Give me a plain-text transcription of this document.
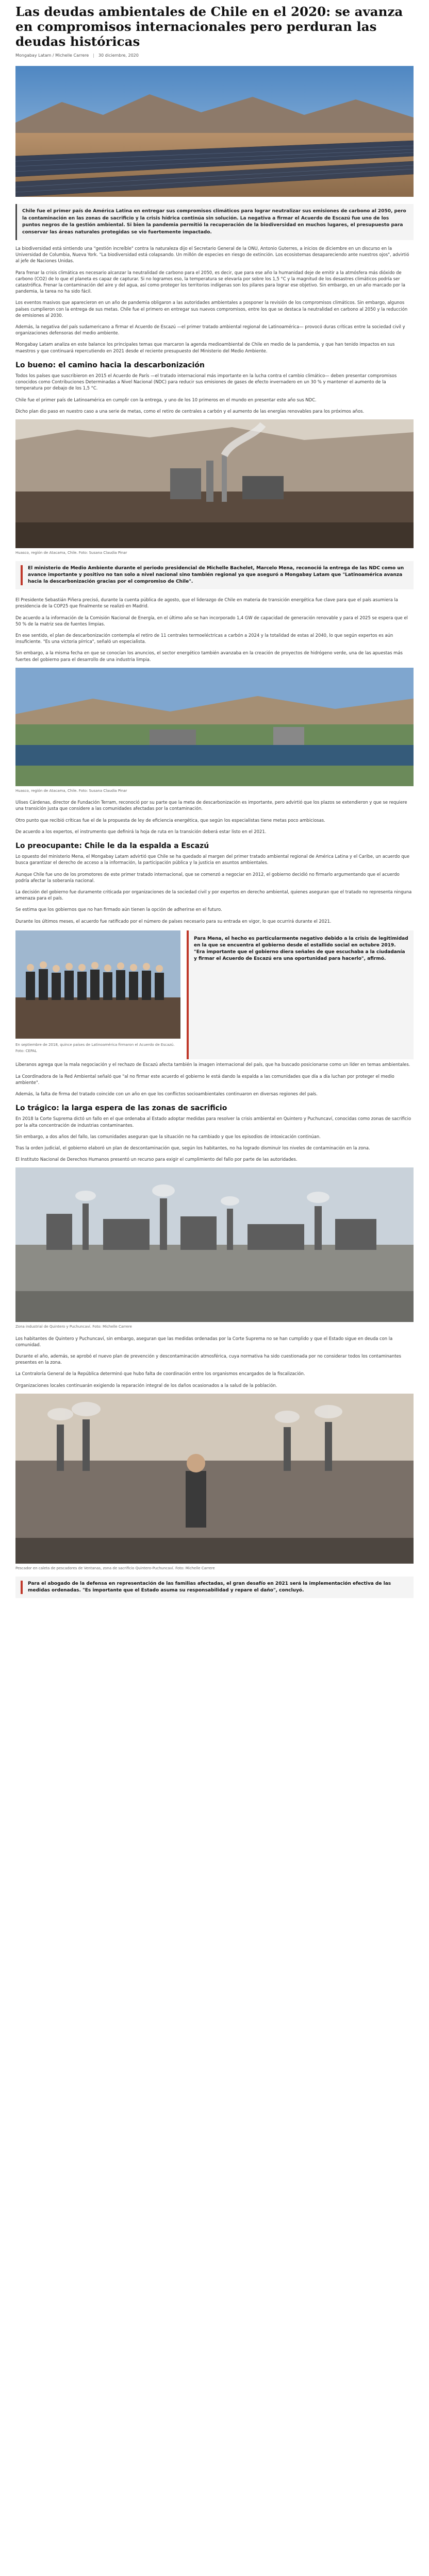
Las deudas ambientales de Chile en el 2020: se avanza en compromisos internacionales pero perduran las deudas históricas
Mongabay Latam / Michelle Carrere | 30 diciembre, 2020
Chile fue el primer país de América Latina en entregar sus compromisos climáticos para lograr neutralizar sus emisiones de carbono al 2050, pero la contaminación en las zonas de sacrificio y la crisis hídrica continúa sin solución. La negativa a firmar el Acuerdo de Escazú fue uno de los puntos negros de la gestión ambiental. Si bien la pandemia permitió la recuperación de la biodiversidad en muchos lugares, el presupuesto para conservar las áreas naturales protegidas se vio fuertemente impactado.

La biodiversidad está sintiendo una "gestión increíble" contra la naturaleza dijo el Secretario General de la ONU, Antonio Guterres, a inicios de diciembre en un discurso en la Universidad de Columbia, Nueva York. "La biodiversidad está colapsando. Un millón de especies en riesgo de extinción. Los ecosistemas desapareciendo ante nuestros ojos", advirtió al jefe de Naciones Unidas.

Para frenar la crisis climática es necesario alcanzar la neutralidad de carbono para el 2050, es decir, que para ese año la humanidad deje de emitir a la atmósfera más dióxido de carbono (CO2) de lo que el planeta es capaz de capturar. Si no logramos eso, la temperatura se elevaría por sobre los 1,5 °C y la magnitud de los desastres climáticos podría ser catastrófica. Frenar la contaminación del aire y del agua, así como proteger los territorios indígenas son los pilares para lograr ese objetivo. Sin embargo, en un año marcado por la pandemia, la tarea no ha sido fácil.

Los eventos masivos que aparecieron en un año de pandemia obligaron a las autoridades ambientales a posponer la revisión de los compromisos climáticos. Sin embargo, algunos países cumplieron con la entrega de sus metas. Chile fue el primero en entregar sus nuevos compromisos, entre los que se destaca la neutralidad en carbono al 2050 y la reducción de emisiones al 2030.

Además, la negativa del país sudamericano a firmar el Acuerdo de Escazú —el primer tratado ambiental regional de Latinoamérica— provocó duras críticas entre la sociedad civil y organizaciones defensoras del medio ambiente.

Mongabay Latam analiza en este balance los principales temas que marcaron la agenda medioambiental de Chile en medio de la pandemia, y que han tenido impactos en sus maestros y que continuará repercutiendo en 2021 desde el reciente presupuesto del Ministerio del Medio Ambiente.

Lo bueno: el camino hacia la descarbonización

Todos los países que suscribieron en 2015 el Acuerdo de París —el tratado internacional más importante en la lucha contra el cambio climático— deben presentar compromisos conocidos como Contribuciones Determinadas a Nivel Nacional (NDC) para reducir sus emisiones de gases de efecto invernadero en un 30 % y mantener el aumento de la temperatura por debajo de los 1,5 °C.

Chile fue el primer país de Latinoamérica en cumplir con la entrega, y uno de los 10 primeros en el mundo en presentar este año sus NDC.

Dicho plan dio paso en nuestro caso a una serie de metas, como el retiro de centrales a carbón y el aumento de las energías renovables para los próximos años.

Huasco, región de Atacama, Chile. Foto: Susana Claudia Pinar
El ministerio de Medio Ambiente durante el periodo presidencial de Michelle Bachelet, Marcelo Mena, reconoció la entrega de las NDC como un avance importante y positivo no tan solo a nivel nacional sino también regional ya que aseguró a Mongabay Latam que "Latinoamérica avanza hacia la descarbonización gracias por el compromiso de Chile".

El Presidente Sebastián Piñera precisó, durante la cuenta pública de agosto, que el liderazgo de Chile en materia de transición energética fue clave para que el país asumiera la presidencia de la COP25 que finalmente se realizó en Madrid.

De acuerdo a la información de la Comisión Nacional de Energía, en el último año se han incorporado 1,4 GW de capacidad de generación renovable y para el 2025 se espera que el 50 % de la matriz sea de fuentes limpias.

En ese sentido, el plan de descarbonización contempla el retiro de 11 centrales termoeléctricas a carbón a 2024 y la totalidad de estas al 2040, lo que según expertos es aún insuficiente. "Es una victoria pírrica", señaló un especialista.

Sin embargo, a la misma fecha en que se conocían los anuncios, el sector energético también avanzaba en la creación de proyectos de hidrógeno verde, una de las apuestas más fuertes del gobierno para el desarrollo de una industria limpia.

Huasco, región de Atacama, Chile. Foto: Susana Claudia Pinar

Ulises Cárdenas, director de Fundación Terram, reconoció por su parte que la meta de descarbonización es importante, pero advirtió que los plazos se extendieron y que se requiere una transición justa que considere a las comunidades afectadas por la contaminación.

Otro punto que recibió críticas fue el de la propuesta de ley de eficiencia energética, que según los especialistas tiene metas poco ambiciosas.

De acuerdo a los expertos, el instrumento que definirá la hoja de ruta en la transición deberá estar listo en el 2021.

Lo preocupante: Chile le da la espalda a Escazú

Lo opuesto del ministerio Mena, el Mongabay Latam advirtió que Chile se ha quedado al margen del primer tratado ambiental regional de América Latina y el Caribe, un acuerdo que busca garantizar el derecho de acceso a la información, la participación pública y la justicia en asuntos ambientales.

Aunque Chile fue uno de los promotores de este primer tratado internacional, que se comenzó a negociar en 2012, el gobierno decidió no firmarlo argumentando que el acuerdo podría afectar la soberanía nacional.

La decisión del gobierno fue duramente criticada por organizaciones de la sociedad civil y por expertos en derecho ambiental, quienes aseguran que el tratado no representa ninguna amenaza para el país.

Se estima que los gobiernos que no han firmado aún tienen la opción de adherirse en el futuro.

Durante los últimos meses, el acuerdo fue ratificado por el número de países necesario para su entrada en vigor, lo que ocurrirá durante el 2021.

En septiembre de 2018, quince países de Latinoamérica firmaron el Acuerdo de Escazú. Foto: CEPAL
Para Mena, el hecho es particularmente negativo debido a la crisis de legitimidad en la que se encuentra el gobierno desde el estallido social en octubre 2019. "Era importante que el gobierno diera señales de que escuchaba a la ciudadanía y firmar el Acuerdo de Escazú era una oportunidad para hacerlo", afirmó.

Liberanos agrega que la mala negociación y el rechazo de Escazú afecta también la imagen internacional del país, que ha buscado posicionarse como un líder en temas ambientales.

La Coordinadora de la Red Ambiental señaló que "al no firmar este acuerdo el gobierno le está dando la espalda a las comunidades que día a día luchan por proteger el medio ambiente".

Además, la falta de firma del tratado coincide con un año en que los conflictos socioambientales continuaron en diversas regiones del país.

Lo trágico: la larga espera de las zonas de sacrificio

En 2018 la Corte Suprema dictó un fallo en el que ordenaba al Estado adoptar medidas para resolver la crisis ambiental en Quintero y Puchuncaví, conocidas como zonas de sacrificio por la alta concentración de industrias contaminantes.

Sin embargo, a dos años del fallo, las comunidades aseguran que la situación no ha cambiado y que los episodios de intoxicación continúan.

Tras la orden judicial, el gobierno elaboró un plan de descontaminación que, según los habitantes, no ha logrado disminuir los niveles de contaminación en la zona.

El Instituto Nacional de Derechos Humanos presentó un recurso para exigir el cumplimiento del fallo por parte de las autoridades.

Zona industrial de Quintero y Puchuncaví. Foto: Michelle Carrere

Los habitantes de Quintero y Puchuncaví, sin embargo, aseguran que las medidas ordenadas por la Corte Suprema no se han cumplido y que el Estado sigue en deuda con la comunidad.

Durante el año, además, se aprobó el nuevo plan de prevención y descontaminación atmosférica, cuya normativa ha sido cuestionada por no considerar todos los contaminantes presentes en la zona.

La Contraloría General de la República determinó que hubo falta de coordinación entre los organismos encargados de la fiscalización.

Organizaciones locales continuarán exigiendo la reparación integral de los daños ocasionados a la salud de la población.

Pescador en caleta de pescadores de Ventanas, zona de sacrificio Quintero-Puchuncaví. Foto: Michelle Carrere
Para el abogado de la defensa en representación de las familias afectadas, el gran desafío en 2021 será la implementación efectiva de las medidas ordenadas. "Es importante que el Estado asuma su responsabilidad y repare el daño", concluyó.
